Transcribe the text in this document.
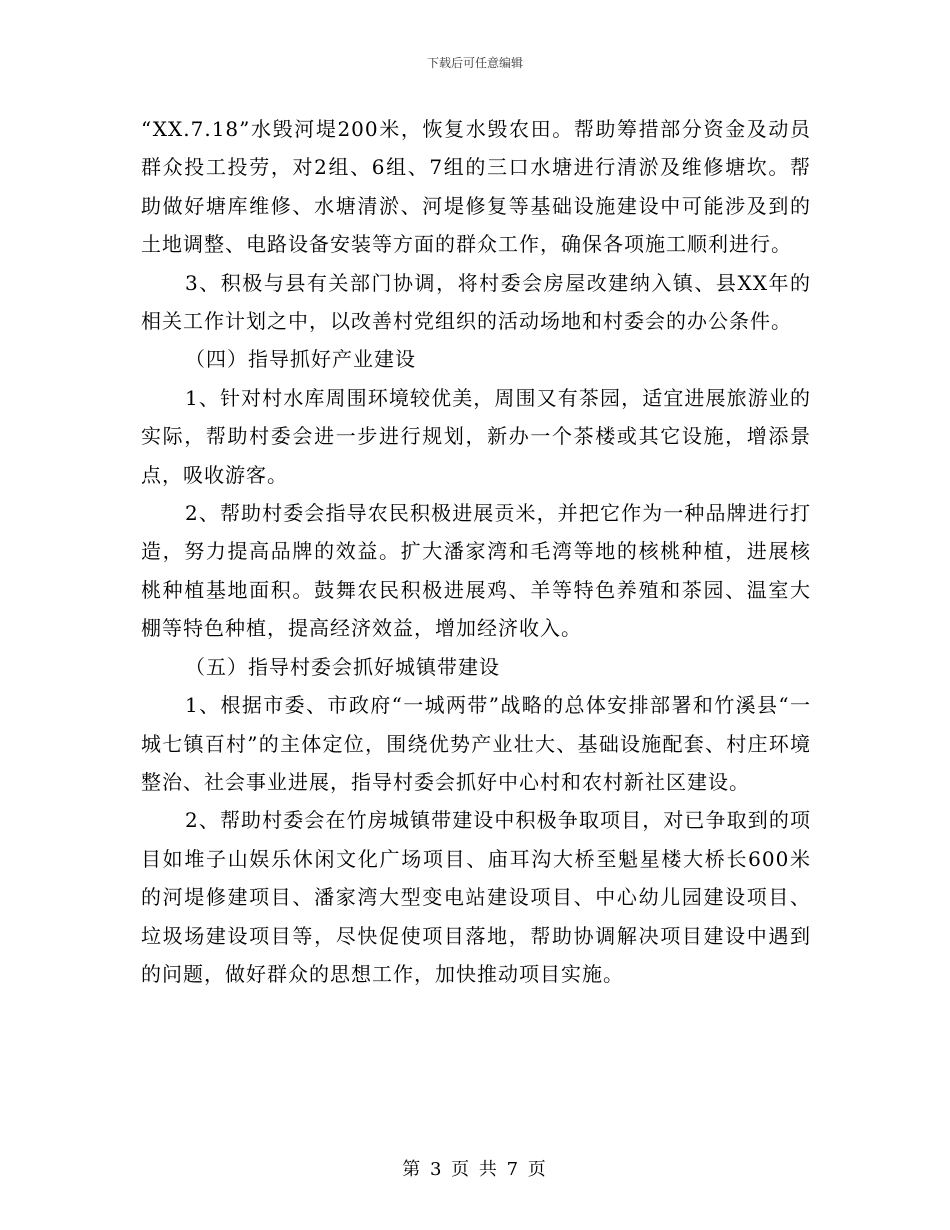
下载后可任意编辑

“XX.7.18”水毁河堤200米，恢复水毁农田。帮助筹措部分资金及动员群众投工投劳，对2组、6组、7组的三口水塘进行清淤及维修塘坎。帮助做好塘库维修、水塘清淤、河堤修复等基础设施建设中可能涉及到的土地调整、电路设备安装等方面的群众工作，确保各项施工顺利进行。

3、积极与县有关部门协调，将村委会房屋改建纳入镇、县XX年的相关工作计划之中，以改善村党组织的活动场地和村委会的办公条件。

（四）指导抓好产业建设

1、针对村水库周围环境较优美，周围又有茶园，适宜进展旅游业的实际，帮助村委会进一步进行规划，新办一个茶楼或其它设施，增添景点，吸收游客。

2、帮助村委会指导农民积极进展贡米，并把它作为一种品牌进行打造，努力提高品牌的效益。扩大潘家湾和毛湾等地的核桃种植，进展核桃种植基地面积。鼓舞农民积极进展鸡、羊等特色养殖和茶园、温室大棚等特色种植，提高经济效益，增加经济收入。

（五）指导村委会抓好城镇带建设

1、根据市委、市政府“一城两带”战略的总体安排部署和竹溪县“一城七镇百村”的主体定位，围绕优势产业壮大、基础设施配套、村庄环境整治、社会事业进展，指导村委会抓好中心村和农村新社区建设。

2、帮助村委会在竹房城镇带建设中积极争取项目，对已争取到的项目如堆子山娱乐休闲文化广场项目、庙耳沟大桥至魁星楼大桥长600米的河堤修建项目、潘家湾大型变电站建设项目、中心幼儿园建设项目、垃圾场建设项目等，尽快促使项目落地，帮助协调解决项目建设中遇到的问题，做好群众的思想工作，加快推动项目实施。

第 3 页 共 7 页
